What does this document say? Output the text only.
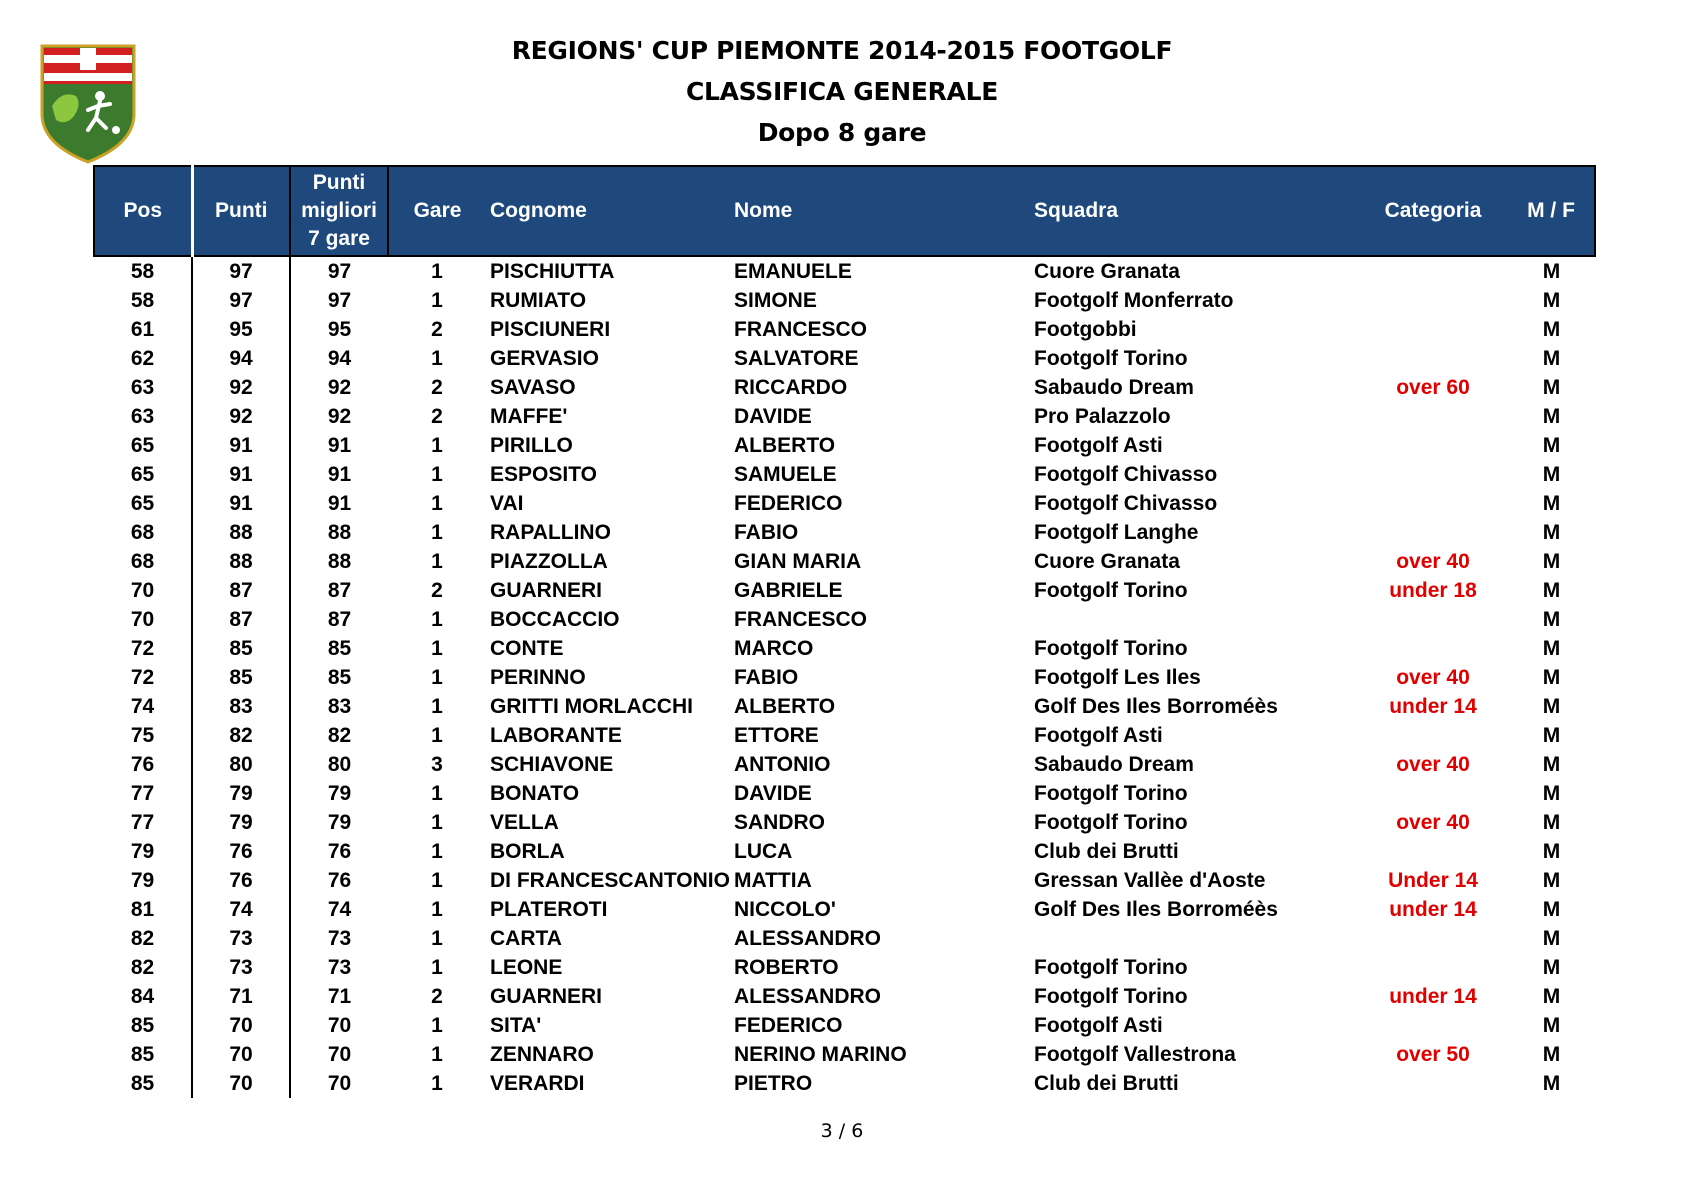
REGIONS' CUP PIEMONTE 2014-2015 FOOTGOLF
CLASSIFICA GENERALE
Dopo 8 gare
Pos	Punti	Punti
migliori
7 gare	Gare	Cognome	Nome	Squadra	Categoria	M / F
58	97	97	1	PISCHIUTTA	EMANUELE	Cuore Granata		M
58	97	97	1	RUMIATO	SIMONE	Footgolf Monferrato		M
61	95	95	2	PISCIUNERI	FRANCESCO	Footgobbi		M
62	94	94	1	GERVASIO	SALVATORE	Footgolf Torino		M
63	92	92	2	SAVASO	RICCARDO	Sabaudo Dream	over 60	M
63	92	92	2	MAFFE'	DAVIDE	Pro Palazzolo		M
65	91	91	1	PIRILLO	ALBERTO	Footgolf Asti		M
65	91	91	1	ESPOSITO	SAMUELE	Footgolf Chivasso		M
65	91	91	1	VAI	FEDERICO	Footgolf Chivasso		M
68	88	88	1	RAPALLINO	FABIO	Footgolf Langhe		M
68	88	88	1	PIAZZOLLA	GIAN MARIA	Cuore Granata	over 40	M
70	87	87	2	GUARNERI	GABRIELE	Footgolf Torino	under 18	M
70	87	87	1	BOCCACCIO	FRANCESCO			M
72	85	85	1	CONTE	MARCO	Footgolf Torino		M
72	85	85	1	PERINNO	FABIO	Footgolf Les Iles	over 40	M
74	83	83	1	GRITTI MORLACCHI	ALBERTO	Golf Des Iles Borroméès	under 14	M
75	82	82	1	LABORANTE	ETTORE	Footgolf Asti		M
76	80	80	3	SCHIAVONE	ANTONIO	Sabaudo Dream	over 40	M
77	79	79	1	BONATO	DAVIDE	Footgolf Torino		M
77	79	79	1	VELLA	SANDRO	Footgolf Torino	over 40	M
79	76	76	1	BORLA	LUCA	Club dei Brutti		M
79	76	76	1	DI FRANCESCANTONIO	MATTIA	Gressan Vallèe d'Aoste	Under 14	M
81	74	74	1	PLATEROTI	NICCOLO'	Golf Des Iles Borroméès	under 14	M
82	73	73	1	CARTA	ALESSANDRO			M
82	73	73	1	LEONE	ROBERTO	Footgolf Torino		M
84	71	71	2	GUARNERI	ALESSANDRO	Footgolf Torino	under 14	M
85	70	70	1	SITA'	FEDERICO	Footgolf Asti		M
85	70	70	1	ZENNARO	NERINO MARINO	Footgolf Vallestrona	over 50	M
85	70	70	1	VERARDI	PIETRO	Club dei Brutti		M
3 / 6
